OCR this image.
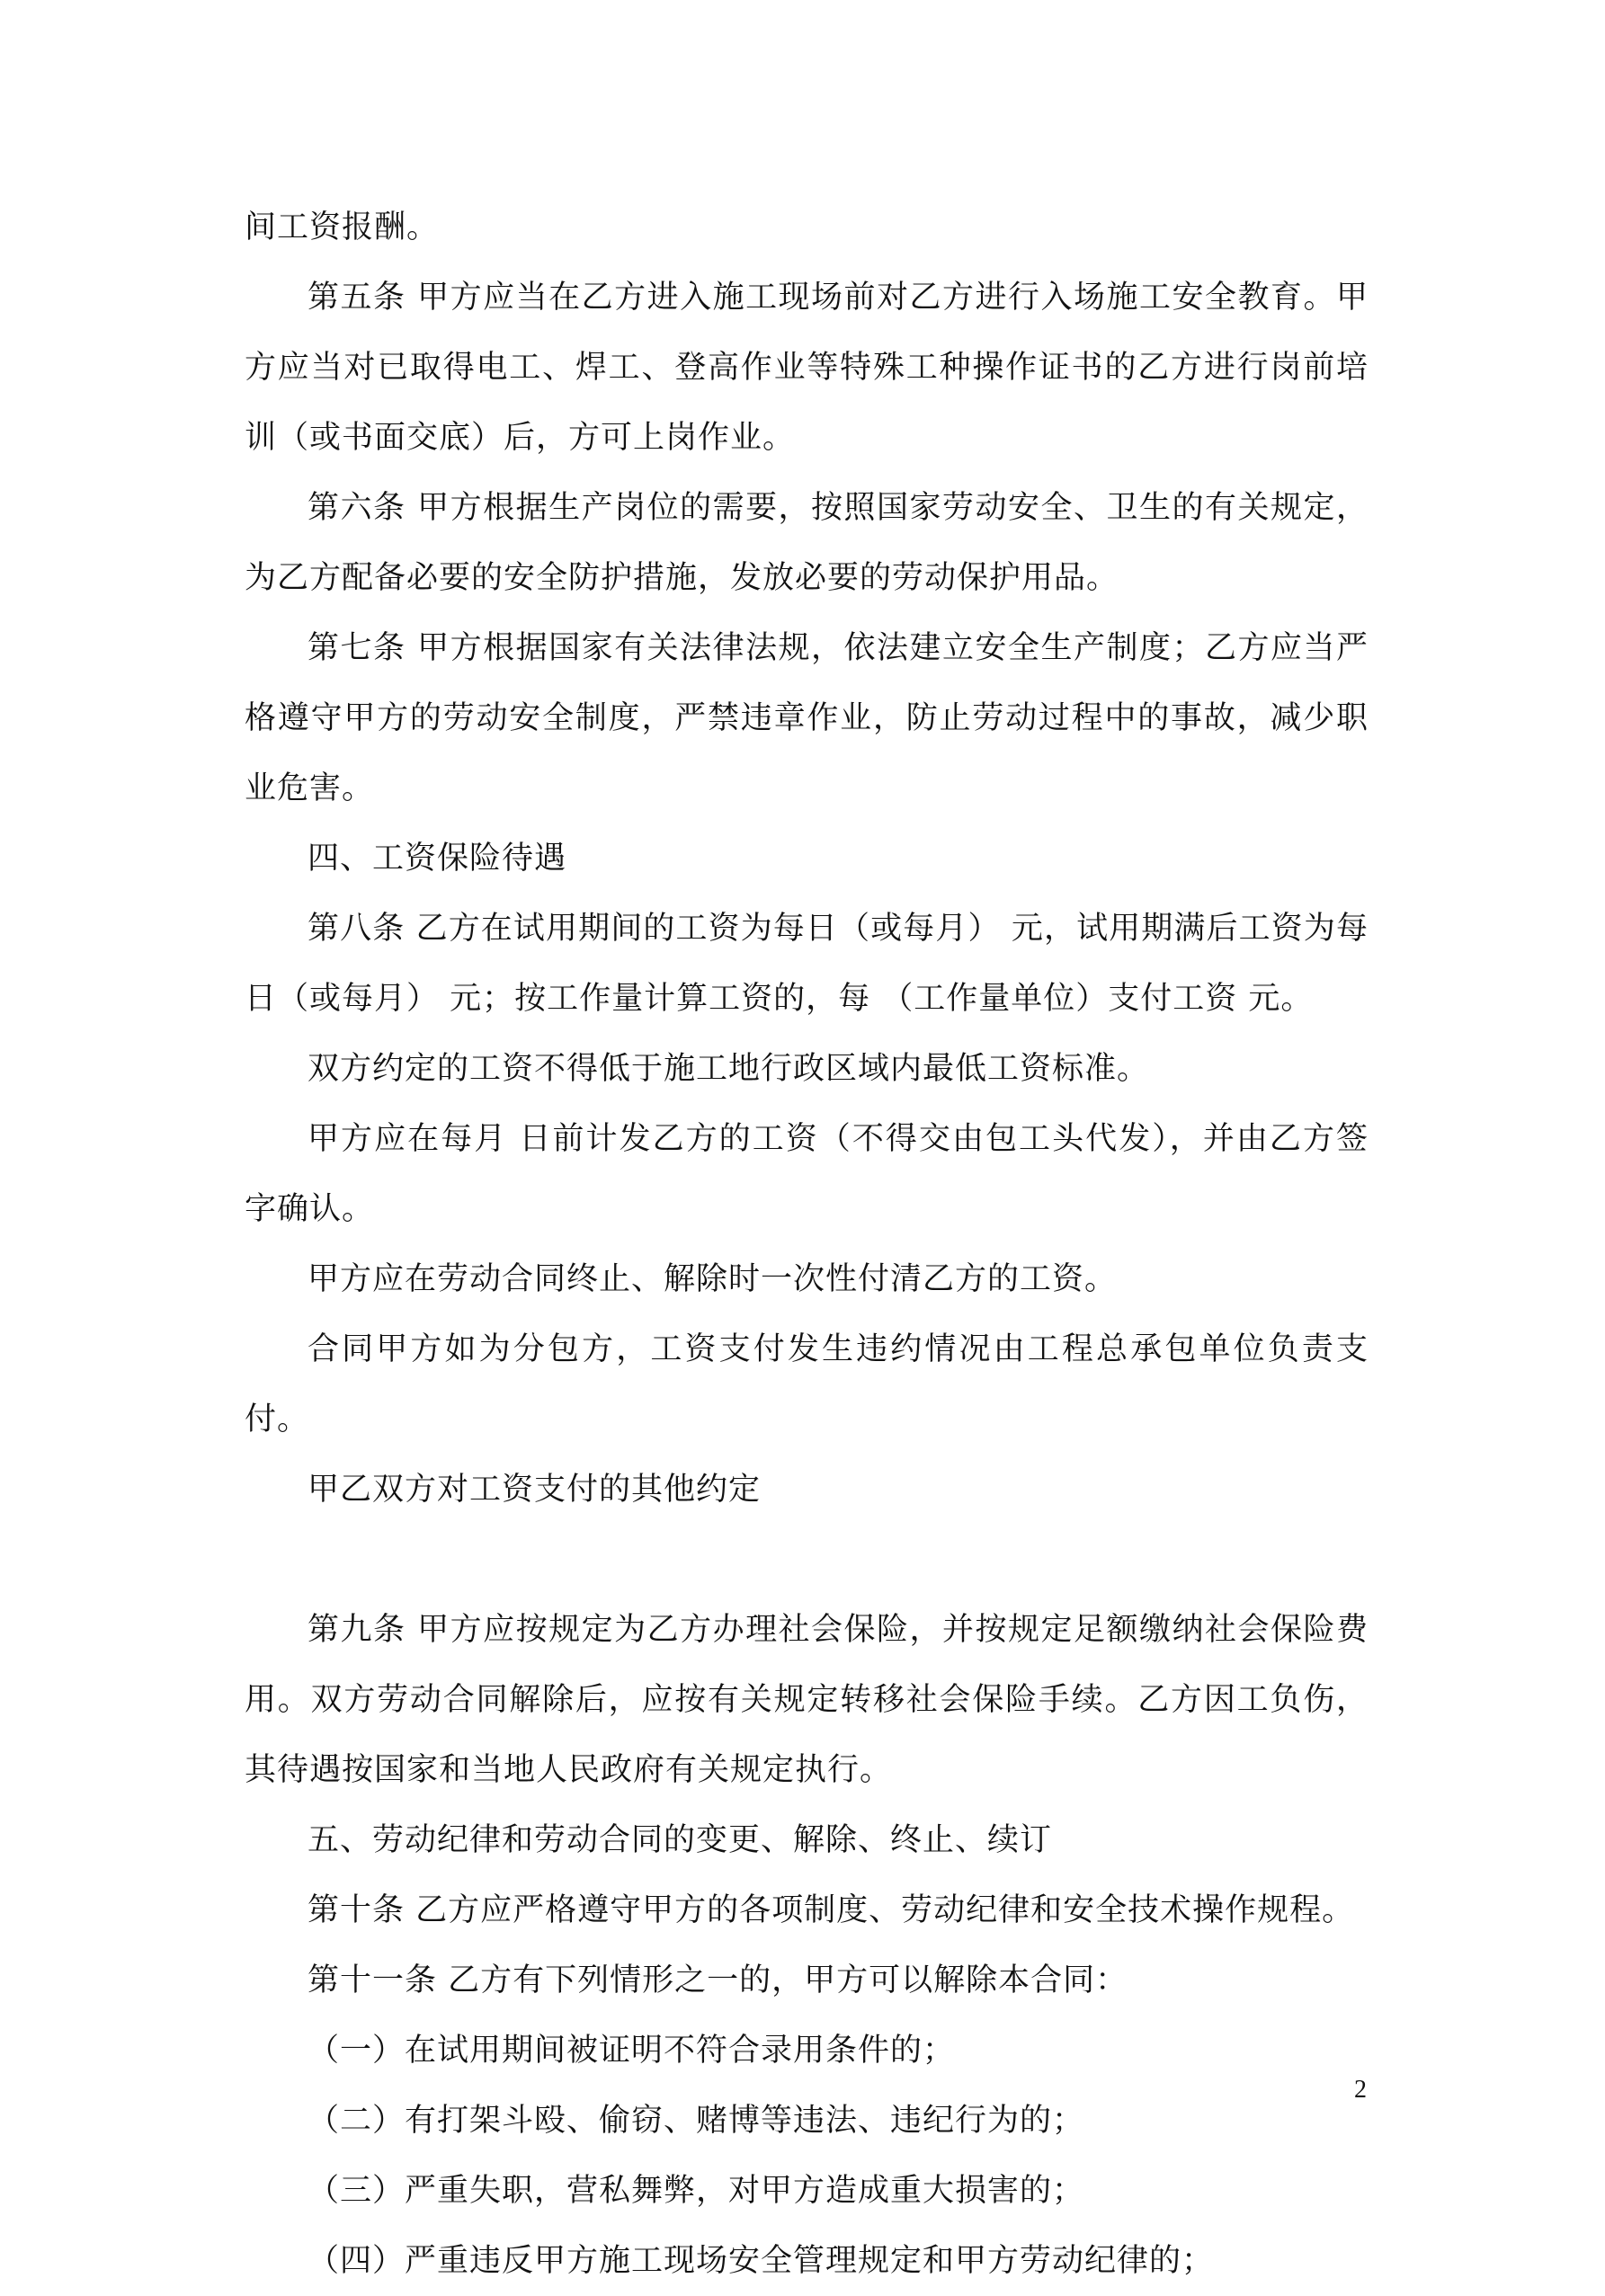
间工资报酬。

第五条 甲方应当在乙方进入施工现场前对乙方进行入场施工安全教育。甲方应当对已取得电工、焊工、登高作业等特殊工种操作证书的乙方进行岗前培训（或书面交底）后，方可上岗作业。

第六条 甲方根据生产岗位的需要，按照国家劳动安全、卫生的有关规定，为乙方配备必要的安全防护措施，发放必要的劳动保护用品。

第七条 甲方根据国家有关法律法规，依法建立安全生产制度；乙方应当严格遵守甲方的劳动安全制度，严禁违章作业，防止劳动过程中的事故，减少职业危害。

四、工资保险待遇

第八条 乙方在试用期间的工资为每日（或每月） 元，试用期满后工资为每日（或每月） 元；按工作量计算工资的，每 （工作量单位）支付工资 元。

双方约定的工资不得低于施工地行政区域内最低工资标准。

甲方应在每月 日前计发乙方的工资（不得交由包工头代发），并由乙方签字确认。

甲方应在劳动合同终止、解除时一次性付清乙方的工资。

合同甲方如为分包方，工资支付发生违约情况由工程总承包单位负责支付。

甲乙双方对工资支付的其他约定

第九条 甲方应按规定为乙方办理社会保险，并按规定足额缴纳社会保险费用。双方劳动合同解除后，应按有关规定转移社会保险手续。乙方因工负伤，其待遇按国家和当地人民政府有关规定执行。

五、劳动纪律和劳动合同的变更、解除、终止、续订

第十条 乙方应严格遵守甲方的各项制度、劳动纪律和安全技术操作规程。

第十一条 乙方有下列情形之一的，甲方可以解除本合同：

（一）在试用期间被证明不符合录用条件的；

（二）有打架斗殴、偷窃、赌博等违法、违纪行为的；

（三）严重失职，营私舞弊，对甲方造成重大损害的；

（四）严重违反甲方施工现场安全管理规定和甲方劳动纪律的；

2
